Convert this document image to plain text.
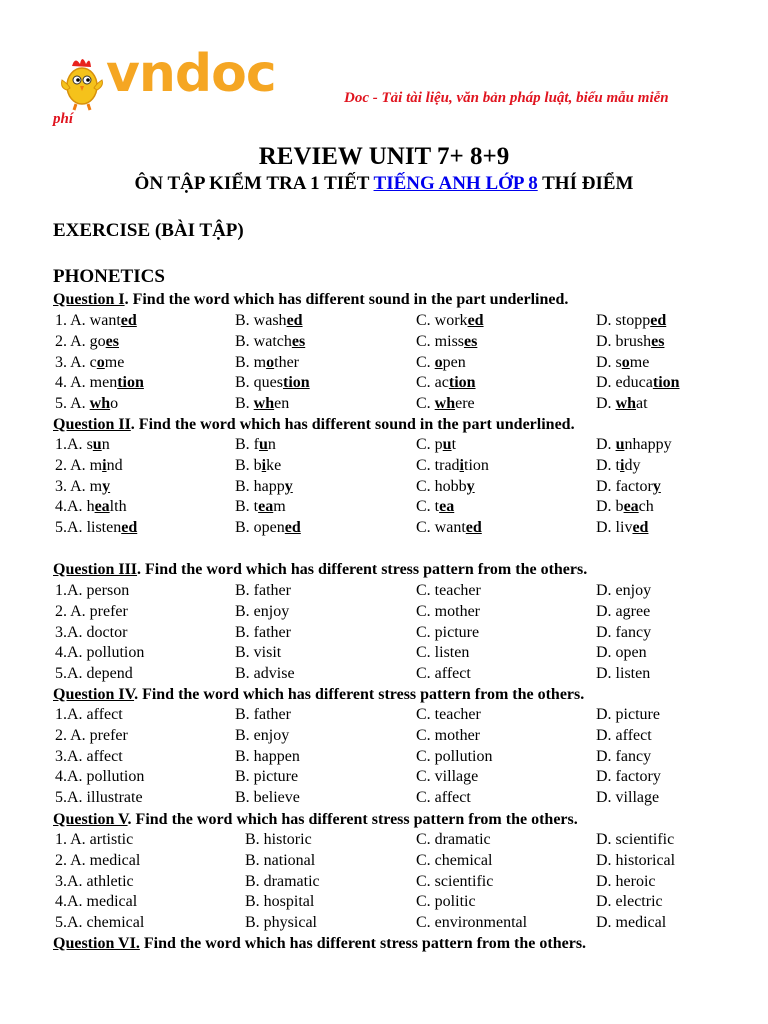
vndoc	Doc - Tải tài liệu, văn bản pháp luật, biểu mẫu miễn
phí
REVIEW UNIT 7+ 8+9
ÔN TẬP KIỂM TRA 1 TIẾT TIẾNG ANH LỚP 8 THÍ ĐIỂM
EXERCISE (BÀI TẬP)
PHONETICS
Question I. Find the word which has different sound in the part underlined.
1. A. wanted	B. washed	C. worked	D. stopped
2. A. goes	B. watches	C. misses	D. brushes
3. A. come	B. mother	C. open	D. some
4. A. mention	B. question	C. action	D. education
5. A. who	B. when	C. where	D. what
Question II. Find the word which has different sound in the part underlined.
1.A. sun	B. fun	C. put	D. unhappy
2. A. mind	B. bike	C. tradition	D. tidy
3. A. my	B. happy	C. hobby	D. factory
4.A. health	B. team	C. tea	D. beach
5.A. listened	B. opened	C. wanted	D. lived
Question III. Find the word which has different stress pattern from the others.
1.A. person	B. father	C. teacher	D. enjoy
2. A. prefer	B. enjoy	C. mother	D. agree
3.A. doctor	B. father	C. picture	D. fancy
4.A. pollution	B. visit	C. listen	D. open
5.A. depend	B. advise	C. affect	D. listen
Question IV. Find the word which has different stress pattern from the others.
1.A. affect	B. father	C. teacher	D. picture
2. A. prefer	B. enjoy	C. mother	D. affect
3.A. affect	B. happen	C. pollution	D. fancy
4.A. pollution	B. picture	C. village	D. factory
5.A. illustrate	B. believe	C. affect	D. village
Question V. Find the word which has different stress pattern from the others.
1. A. artistic	B. historic	C. dramatic	D. scientific
2. A. medical	B. national	C. chemical	D. historical
3.A. athletic	B. dramatic	C. scientific	D. heroic
4.A. medical	B. hospital	C. politic	D. electric
5.A. chemical	B. physical	C. environmental	D. medical
Question VI. Find the word which has different stress pattern from the others.
